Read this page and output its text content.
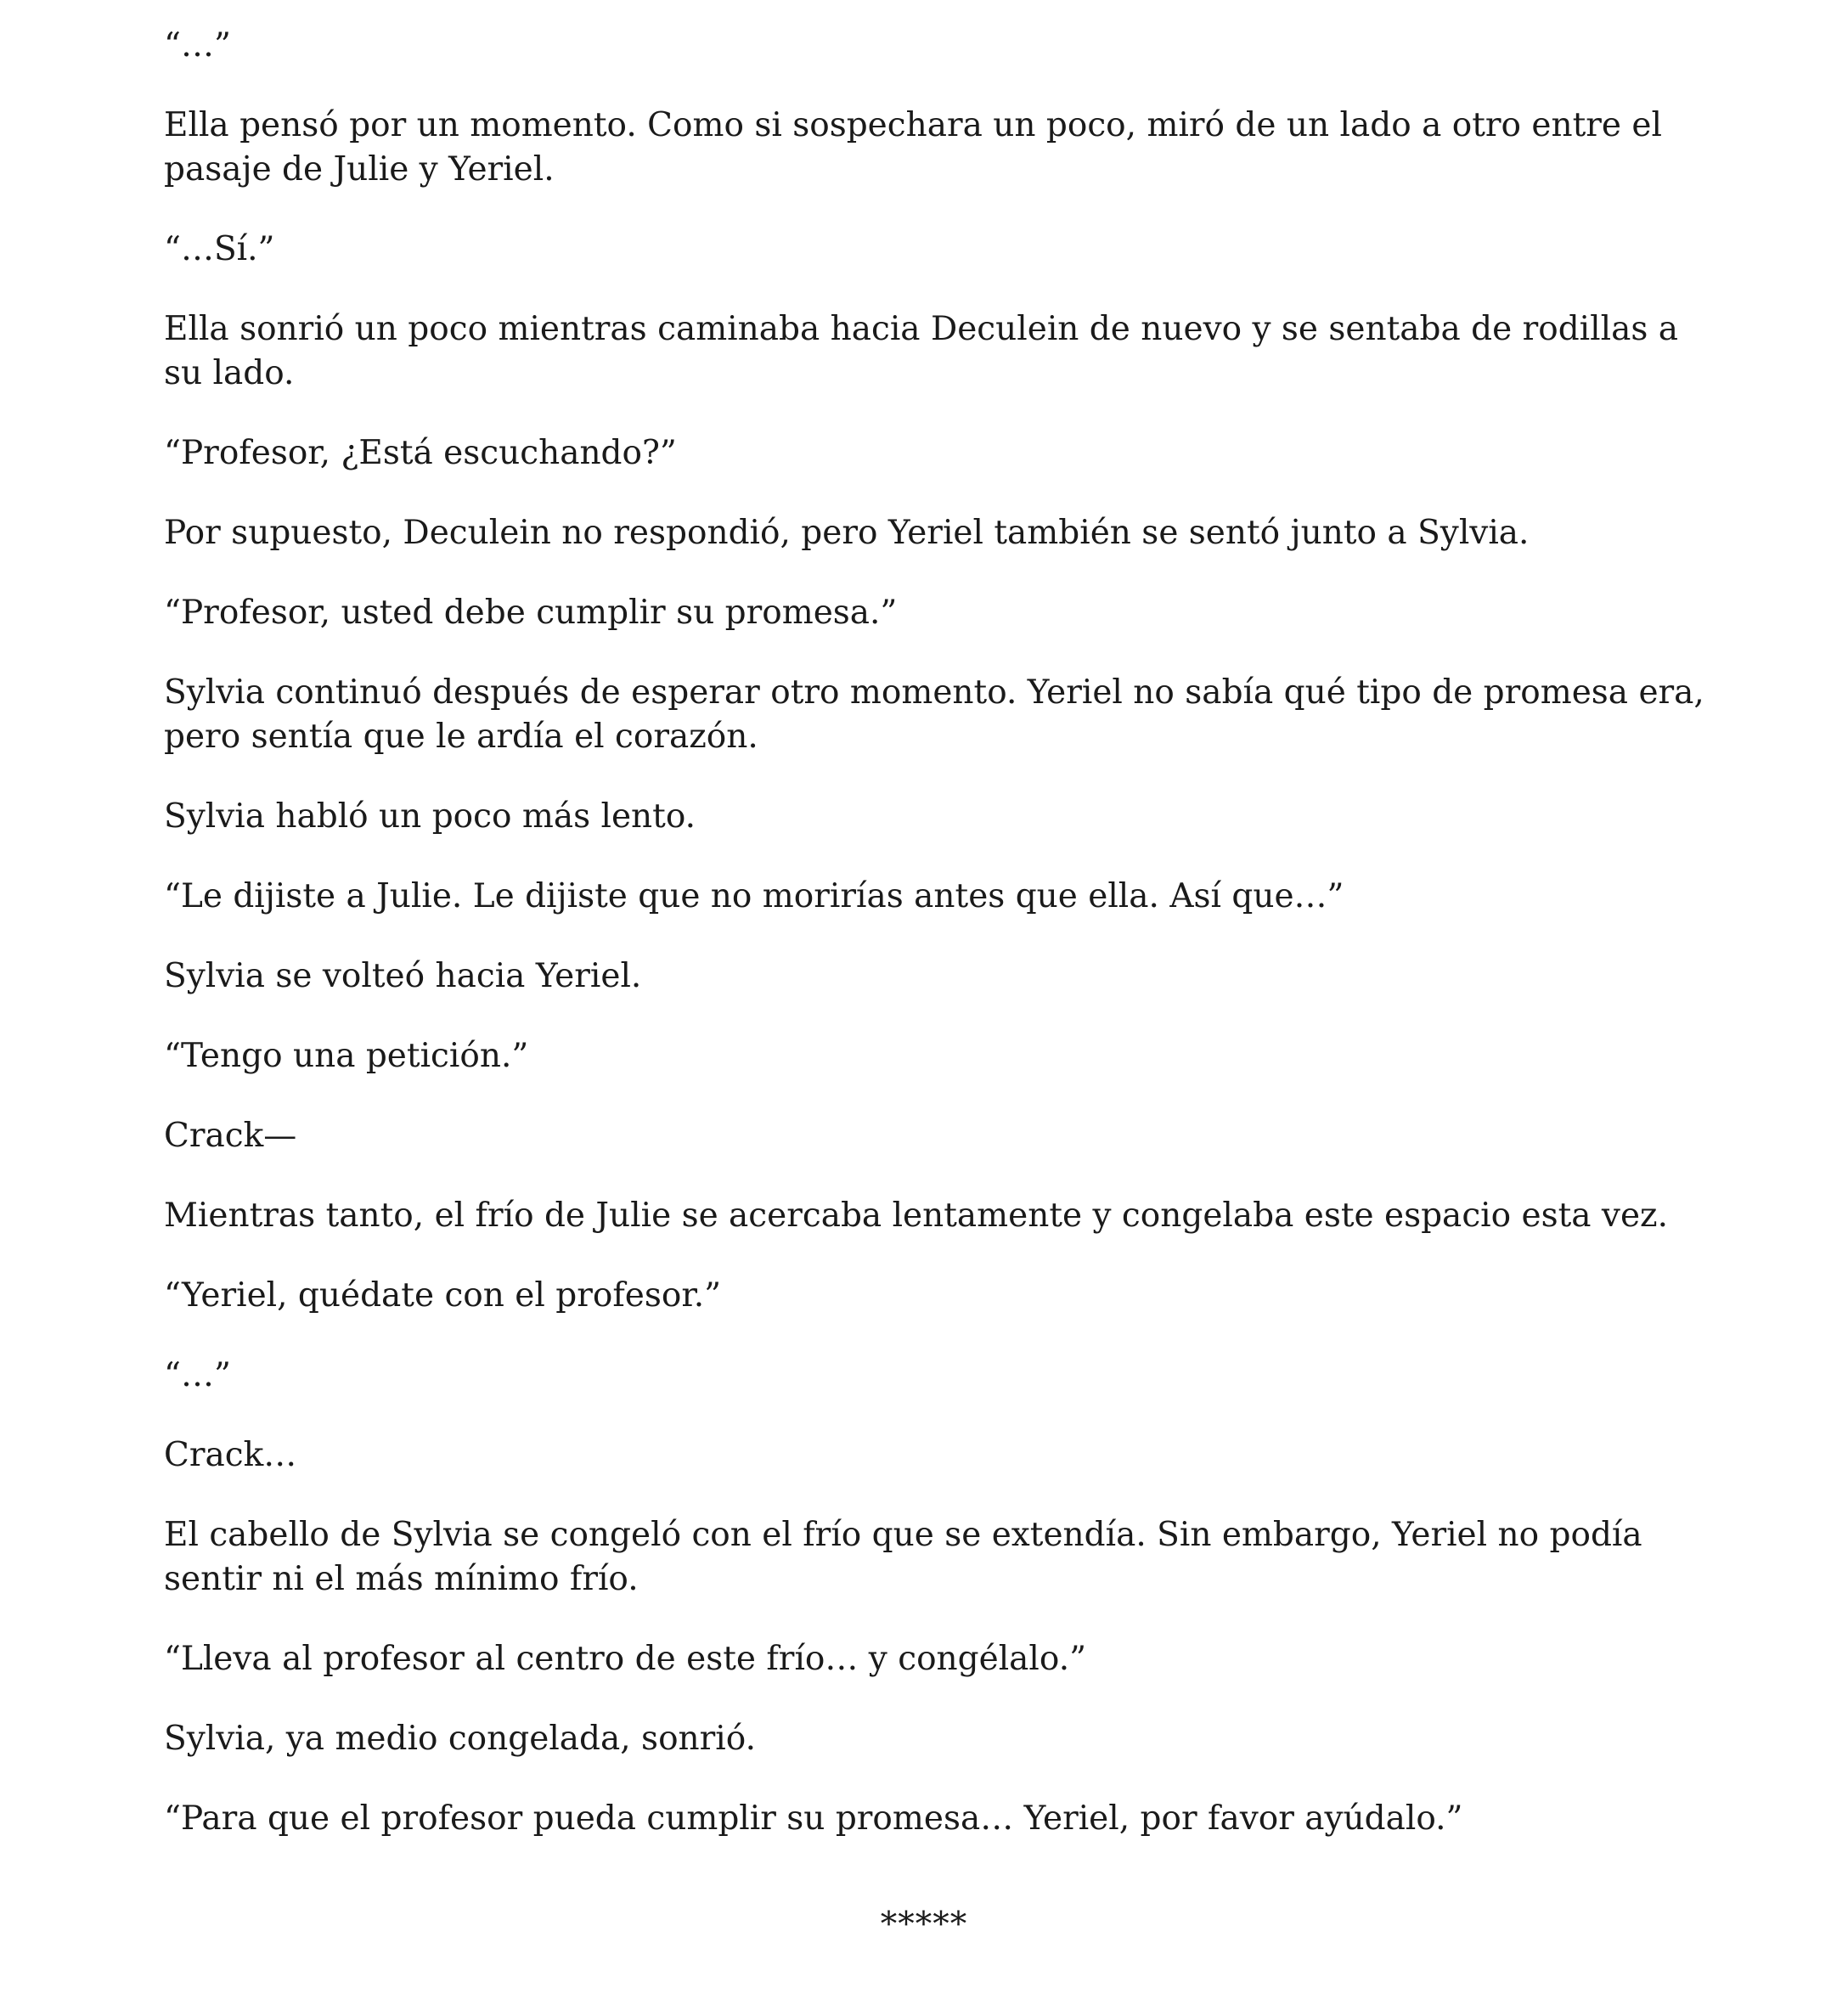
“…”

Ella pensó por un momento. Como si sospechara un poco, miró de un lado a otro entre el pasaje de Julie y Yeriel.

“…Sí.”

Ella sonrió un poco mientras caminaba hacia Deculein de nuevo y se sentaba de rodillas a su lado.

“Profesor, ¿Está escuchando?”

Por supuesto, Deculein no respondió, pero Yeriel también se sentó junto a Sylvia.

“Profesor, usted debe cumplir su promesa.”

Sylvia continuó después de esperar otro momento. Yeriel no sabía qué tipo de promesa era, pero sentía que le ardía el corazón.

Sylvia habló un poco más lento.

“Le dijiste a Julie. Le dijiste que no morirías antes que ella. Así que…”

Sylvia se volteó hacia Yeriel.

“Tengo una petición.”

Crack—

Mientras tanto, el frío de Julie se acercaba lentamente y congelaba este espacio esta vez.

“Yeriel, quédate con el profesor.”

“…”

Crack…

El cabello de Sylvia se congeló con el frío que se extendía. Sin embargo, Yeriel no podía sentir ni el más mínimo frío.

“Lleva al profesor al centro de este frío… y congélalo.”

Sylvia, ya medio congelada, sonrió.

“Para que el profesor pueda cumplir su promesa… Yeriel, por favor ayúdalo.”

*****
